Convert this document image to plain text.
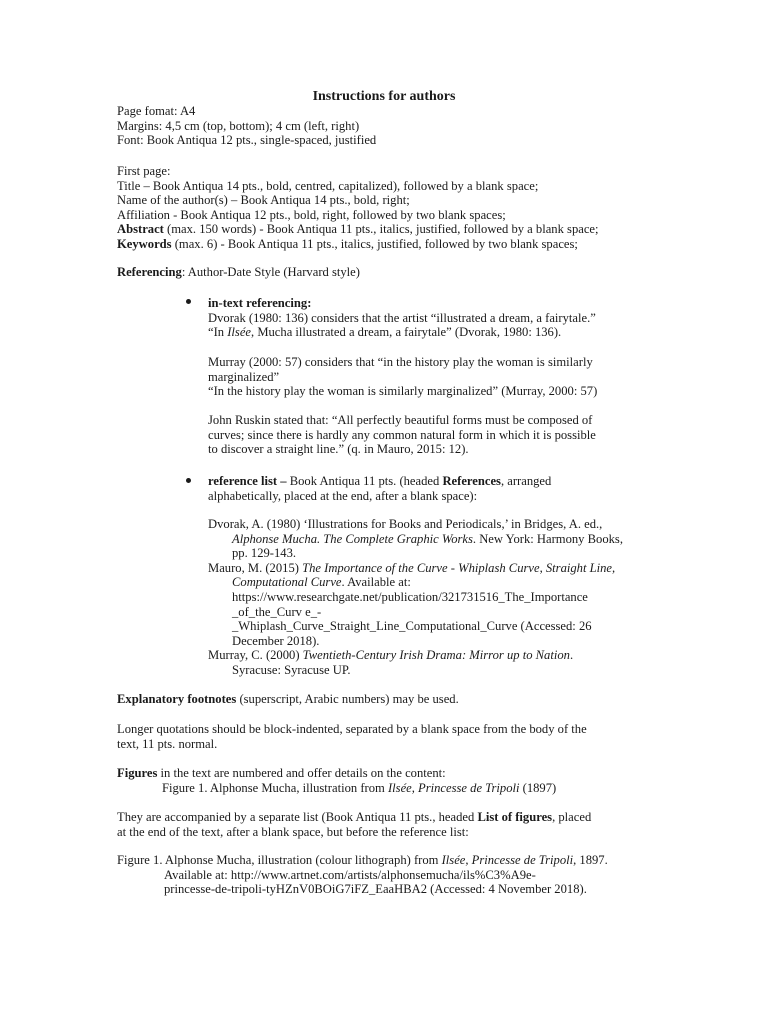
Instructions for authors
Page fomat: A4
Margins: 4,5 cm (top, bottom); 4 cm (left, right)
Font: Book Antiqua 12 pts., single-spaced, justified
First page:
Title – Book Antiqua 14 pts., bold, centred, capitalized), followed by a blank space;
Name of the author(s) – Book Antiqua 14 pts., bold, right;
Affiliation - Book Antiqua 12 pts., bold, right, followed by two blank spaces;
Abstract (max. 150 words) - Book Antiqua 11 pts., italics, justified, followed by a blank space;
Keywords (max. 6) - Book Antiqua 11 pts., italics, justified, followed by two blank spaces;
Referencing: Author-Date Style (Harvard style)
in-text referencing:
Dvorak (1980: 136) considers that the artist “illustrated a dream, a fairytale.”
“In Ilsée, Mucha illustrated a dream, a fairytale” (Dvorak, 1980: 136).
Murray (2000: 57) considers that “in the history play the woman is similarly
marginalized”
“In the history play the woman is similarly marginalized” (Murray, 2000: 57)
John Ruskin stated that: “All perfectly beautiful forms must be composed of
curves; since there is hardly any common natural form in which it is possible
to discover a straight line.” (q. in Mauro, 2015: 12).
reference list – Book Antiqua 11 pts. (headed References, arranged
alphabetically, placed at the end, after a blank space):
Dvorak, A. (1980) ‘Illustrations for Books and Periodicals,’ in Bridges, A. ed.,
Alphonse Mucha. The Complete Graphic Works. New York: Harmony Books,
pp. 129-143.
Mauro, M. (2015) The Importance of the Curve - Whiplash Curve, Straight Line,
Computational Curve. Available at:
https://www.researchgate.net/publication/321731516_The_Importance
_of_the_Curv e_-
_Whiplash_Curve_Straight_Line_Computational_Curve (Accessed: 26
December 2018).
Murray, C. (2000) Twentieth-Century Irish Drama: Mirror up to Nation.
Syracuse: Syracuse UP.
Explanatory footnotes (superscript, Arabic numbers) may be used.
Longer quotations should be block-indented, separated by a blank space from the body of the
text, 11 pts. normal.
Figures in the text are numbered and offer details on the content:
Figure 1. Alphonse Mucha, illustration from Ilsée, Princesse de Tripoli (1897)
They are accompanied by a separate list (Book Antiqua 11 pts., headed List of figures, placed
at the end of the text, after a blank space, but before the reference list:
Figure 1. Alphonse Mucha, illustration (colour lithograph) from Ilsée, Princesse de Tripoli, 1897.
Available at: http://www.artnet.com/artists/alphonsemucha/ils%C3%A9e-
princesse-de-tripoli-tyHZnV0BOiG7iFZ_EaaHBA2 (Accessed: 4 November 2018).
